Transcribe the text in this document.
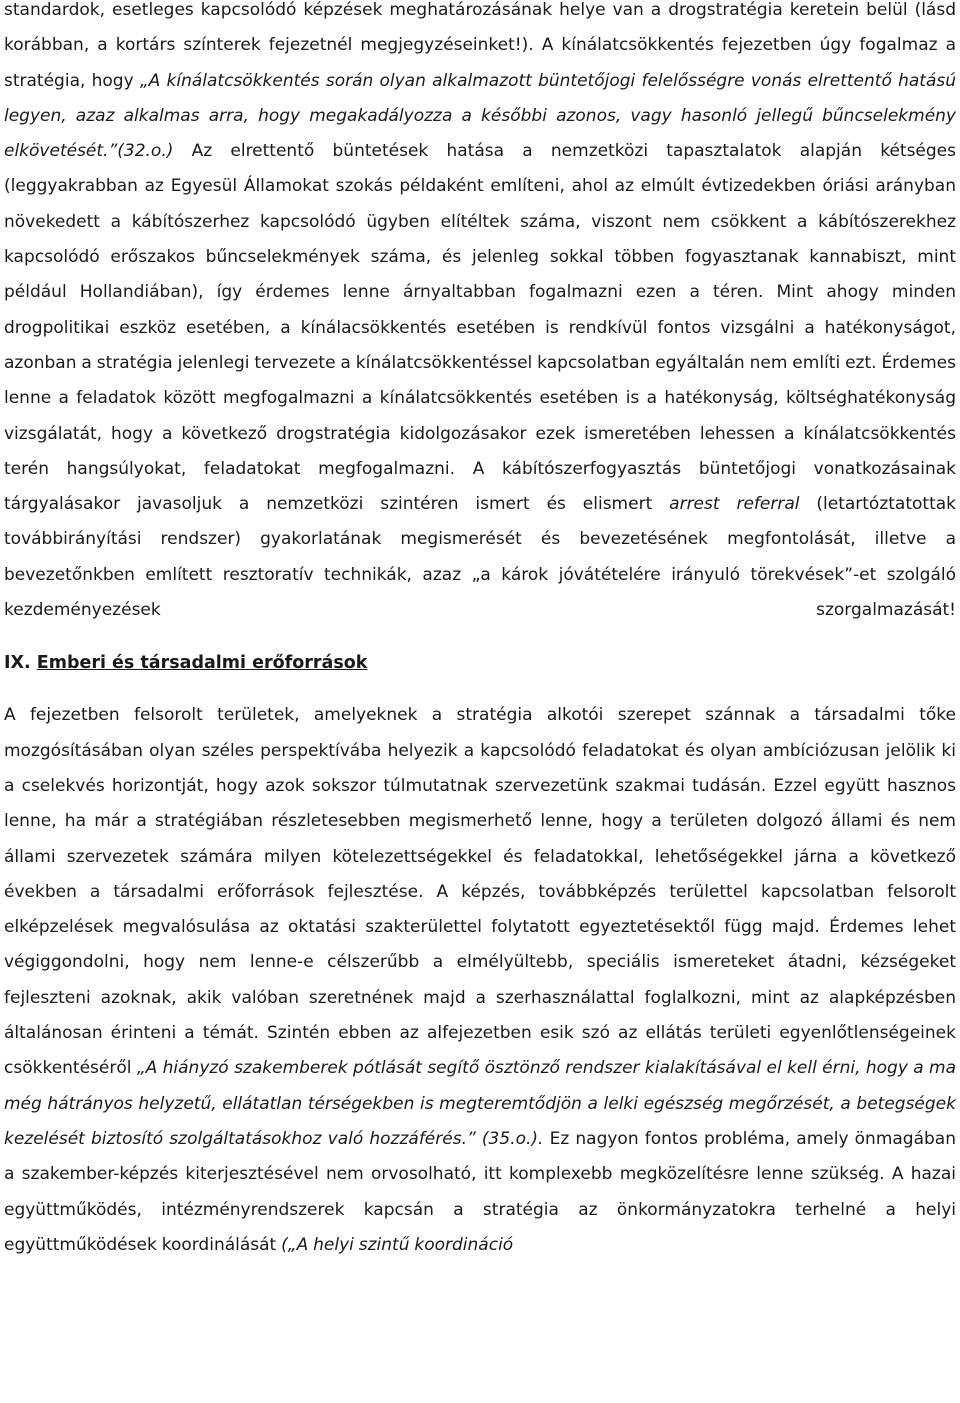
standardok, esetleges kapcsolódó képzések meghatározásának helye van a drogstratégia keretein belül (lásd korábban, a kortárs színterek fejezetnél megjegyzéseinket!). A kínálatcsökkentés fejezetben úgy fogalmaz a stratégia, hogy „A kínálatcsökkentés során olyan alkalmazott büntetőjogi felelősségre vonás elrettentő hatású legyen, azaz alkalmas arra, hogy megakadályozza a későbbi azonos, vagy hasonló jellegű bűncselekmény elkövetését.”(32.o.) Az elrettentő büntetések hatása a nemzetközi tapasztalatok alapján kétséges (leggyakrabban az Egyesül Államokat szokás példaként említeni, ahol az elmúlt évtizedekben óriási arányban növekedett a kábítószerhez kapcsolódó ügyben elítéltek száma, viszont nem csökkent a kábítószerekhez kapcsolódó erőszakos bűncselekmények száma, és jelenleg sokkal többen fogyasztanak kannabiszt, mint például Hollandiában), így érdemes lenne árnyaltabban fogalmazni ezen a téren. Mint ahogy minden drogpolitikai eszköz esetében, a kínálacsökkentés esetében is rendkívül fontos vizsgálni a hatékonyságot, azonban a stratégia jelenlegi tervezete a kínálatcsökkentéssel kapcsolatban egyáltalán nem említi ezt. Érdemes lenne a feladatok között megfogalmazni a kínálatcsökkentés esetében is a hatékonyság, költséghatékonyság vizsgálatát, hogy a következő drogstratégia kidolgozásakor ezek ismeretében lehessen a kínálatcsökkentés terén hangsúlyokat, feladatokat megfogalmazni. A kábítószerfogyasztás büntetőjogi vonatkozásainak tárgyalásakor javasoljuk a nemzetközi szintéren ismert és elismert arrest referral (letartóztatottak továbbirányítási rendszer) gyakorlatának megismerését és bevezetésének megfontolását, illetve a bevezetőnkben említett resztoratív technikák, azaz „a károk jóvátételére irányuló törekvések”-et szolgáló kezdeményezések szorgalmazását!

IX. Emberi és társadalmi erőforrások

A fejezetben felsorolt területek, amelyeknek a stratégia alkotói szerepet szánnak a társadalmi tőke mozgósításában olyan széles perspektívába helyezik a kapcsolódó feladatokat és olyan ambíciózusan jelölik ki a cselekvés horizontját, hogy azok sokszor túlmutatnak szervezetünk szakmai tudásán. Ezzel együtt hasznos lenne, ha már a stratégiában részletesebben megismerhető lenne, hogy a területen dolgozó állami és nem állami szervezetek számára milyen kötelezettségekkel és feladatokkal, lehetőségekkel járna a következő években a társadalmi erőforrások fejlesztése. A képzés, továbbképzés területtel kapcsolatban felsorolt elképzelések megvalósulása az oktatási szakterülettel folytatott egyeztetésektől függ majd. Érdemes lehet végiggondolni, hogy nem lenne-e célszerűbb a elmélyültebb, speciális ismereteket átadni, kézségeket fejleszteni azoknak, akik valóban szeretnének majd a szerhasználattal foglalkozni, mint az alapképzésben általánosan érinteni a témát. Szintén ebben az alfejezetben esik szó az ellátás területi egyenlőtlenségeinek csökkentéséről „A hiányzó szakemberek pótlását segítő ösztönző rendszer kialakításával el kell érni, hogy a ma még hátrányos helyzetű, ellátatlan térségekben is megteremtődjön a lelki egészség megőrzését, a betegségek kezelését biztosító szolgáltatásokhoz való hozzáférés.” (35.o.). Ez nagyon fontos probléma, amely önmagában a szakember-képzés kiterjesztésével nem orvosolható, itt komplexebb megközelítésre lenne szükség. A hazai együttműködés, intézményrendszerek kapcsán a stratégia az önkormányzatokra terhelné a helyi együttműködések koordinálását („A helyi szintű koordináció
